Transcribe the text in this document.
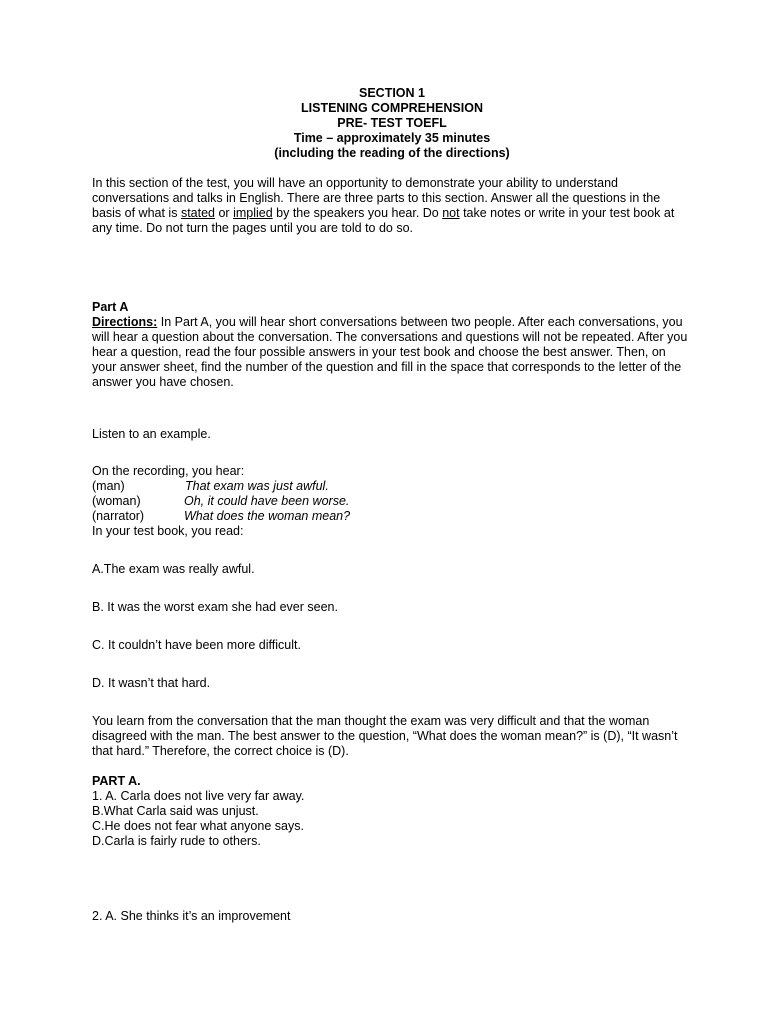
SECTION 1
LISTENING COMPREHENSION
PRE- TEST TOEFL
Time – approximately 35 minutes
(including the reading of the directions)

In this section of the test, you will have an opportunity to demonstrate your ability to understand conversations and talks in English. There are three parts to this section. Answer all the questions in the basis of what is stated or implied by the speakers you hear. Do not take notes or write in your test book at any time. Do not turn the pages until you are told to do so.

Part A

Directions: In Part A, you will hear short conversations between two people. After each conversations, you will hear a question about the conversation. The conversations and questions will not be repeated. After you hear a question, read the four possible answers in your test book and choose the best answer. Then, on your answer sheet, find the number of the question and fill in the space that corresponds to the letter of the answer you have chosen.

Listen to an example.

On the recording, you hear:

(man)	That exam was just awful.
(woman)	Oh, it could have been worse.
(narrator)	What does the woman mean?

In your test book, you read:

A.The exam was really awful.

B. It was the worst exam she had ever seen.

C. It couldn’t have been more difficult.

D. It wasn’t that hard.

You learn from the conversation that the man thought the exam was very difficult and that the woman disagreed with the man. The best answer to the question, “What does the woman mean?” is (D), “It wasn’t that hard.” Therefore, the correct choice is (D).

PART A.

1. A. Carla does not live very far away.

B.What Carla said was unjust.

C.He does not fear what anyone says.

D.Carla is fairly rude to others.

2. A. She thinks it’s an improvement
